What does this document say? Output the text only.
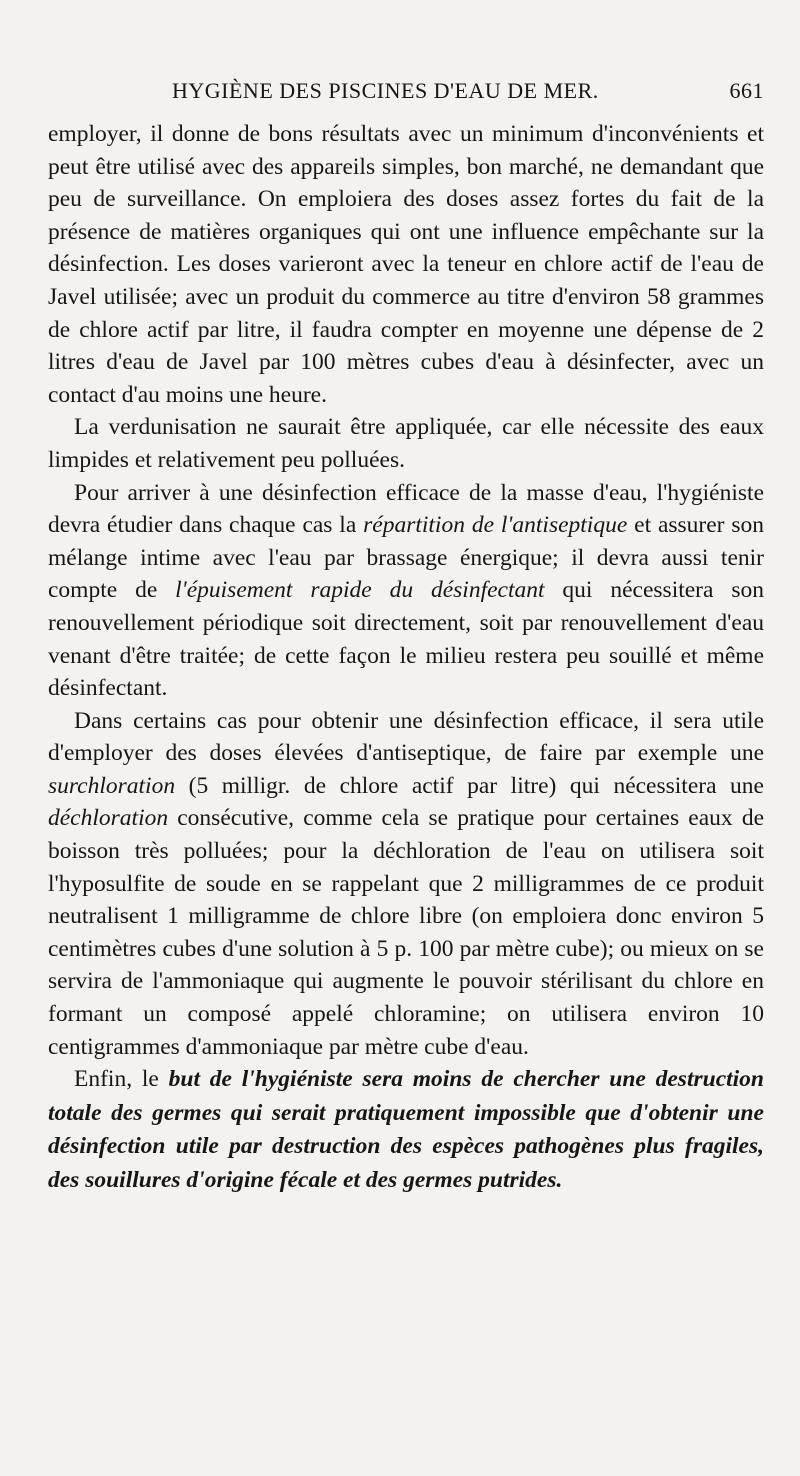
HYGIÈNE DES PISCINES D'EAU DE MER.	661

employer, il donne de bons résultats avec un minimum d'inconvénients et peut être utilisé avec des appareils simples, bon marché, ne demandant que peu de surveillance. On emploiera des doses assez fortes du fait de la présence de matières organiques qui ont une influence empêchante sur la désinfection. Les doses varieront avec la teneur en chlore actif de l'eau de Javel utilisée; avec un produit du commerce au titre d'environ 58 grammes de chlore actif par litre, il faudra compter en moyenne une dépense de 2 litres d'eau de Javel par 100 mètres cubes d'eau à désinfecter, avec un contact d'au moins une heure.

La verdunisation ne saurait être appliquée, car elle nécessite des eaux limpides et relativement peu polluées.

Pour arriver à une désinfection efficace de la masse d'eau, l'hygiéniste devra étudier dans chaque cas la répartition de l'antiseptique et assurer son mélange intime avec l'eau par brassage énergique; il devra aussi tenir compte de l'épuisement rapide du désinfectant qui nécessitera son renouvellement périodique soit directement, soit par renouvellement d'eau venant d'être traitée; de cette façon le milieu restera peu souillé et même désinfectant.

Dans certains cas pour obtenir une désinfection efficace, il sera utile d'employer des doses élevées d'antiseptique, de faire par exemple une surchloration (5 milligr. de chlore actif par litre) qui nécessitera une déchloration consécutive, comme cela se pratique pour certaines eaux de boisson très polluées; pour la déchloration de l'eau on utilisera soit l'hyposulfite de soude en se rappelant que 2 milligrammes de ce produit neutralisent 1 milligramme de chlore libre (on emploiera donc environ 5 centimètres cubes d'une solution à 5 p. 100 par mètre cube); ou mieux on se servira de l'ammoniaque qui augmente le pouvoir stérilisant du chlore en formant un composé appelé chloramine; on utilisera environ 10 centigrammes d'ammoniaque par mètre cube d'eau.

Enfin, le but de l'hygiéniste sera moins de chercher une destruction totale des germes qui serait pratiquement impossible que d'obtenir une désinfection utile par destruction des espèces pathogènes plus fragiles, des souillures d'origine fécale et des germes putrides.
